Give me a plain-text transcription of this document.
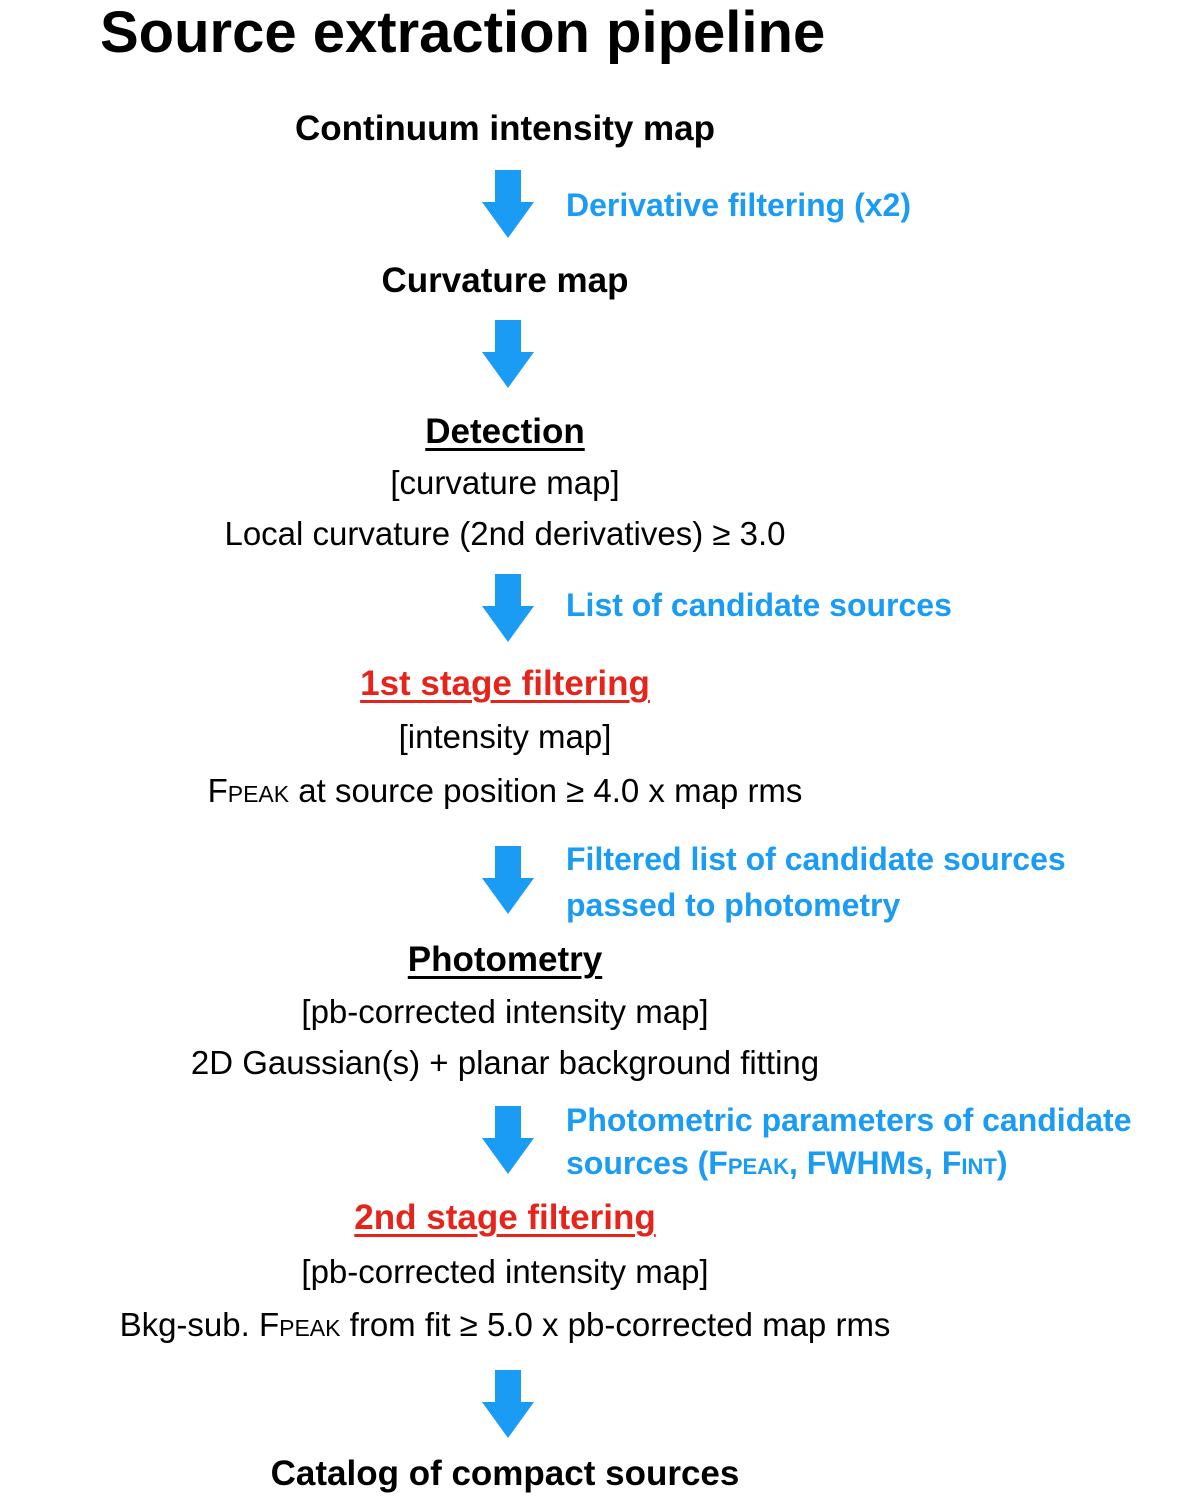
Source extraction pipeline
Continuum intensity map
Derivative filtering (x2)
Curvature map
Detection
[curvature map]
Local curvature (2nd derivatives) ≥ 3.0
List of candidate sources
1st stage filtering
[intensity map]
Fpeak at source position ≥ 4.0 x map rms
Filtered list of candidate sources
passed to photometry
Photometry
[pb-corrected intensity map]
2D Gaussian(s) + planar background fitting
Photometric parameters of candidate
sources (Fpeak, FWHMs, Fint)
2nd stage filtering
[pb-corrected intensity map]
Bkg-sub. Fpeak from fit ≥ 5.0 x pb-corrected map rms
Catalog of compact sources
